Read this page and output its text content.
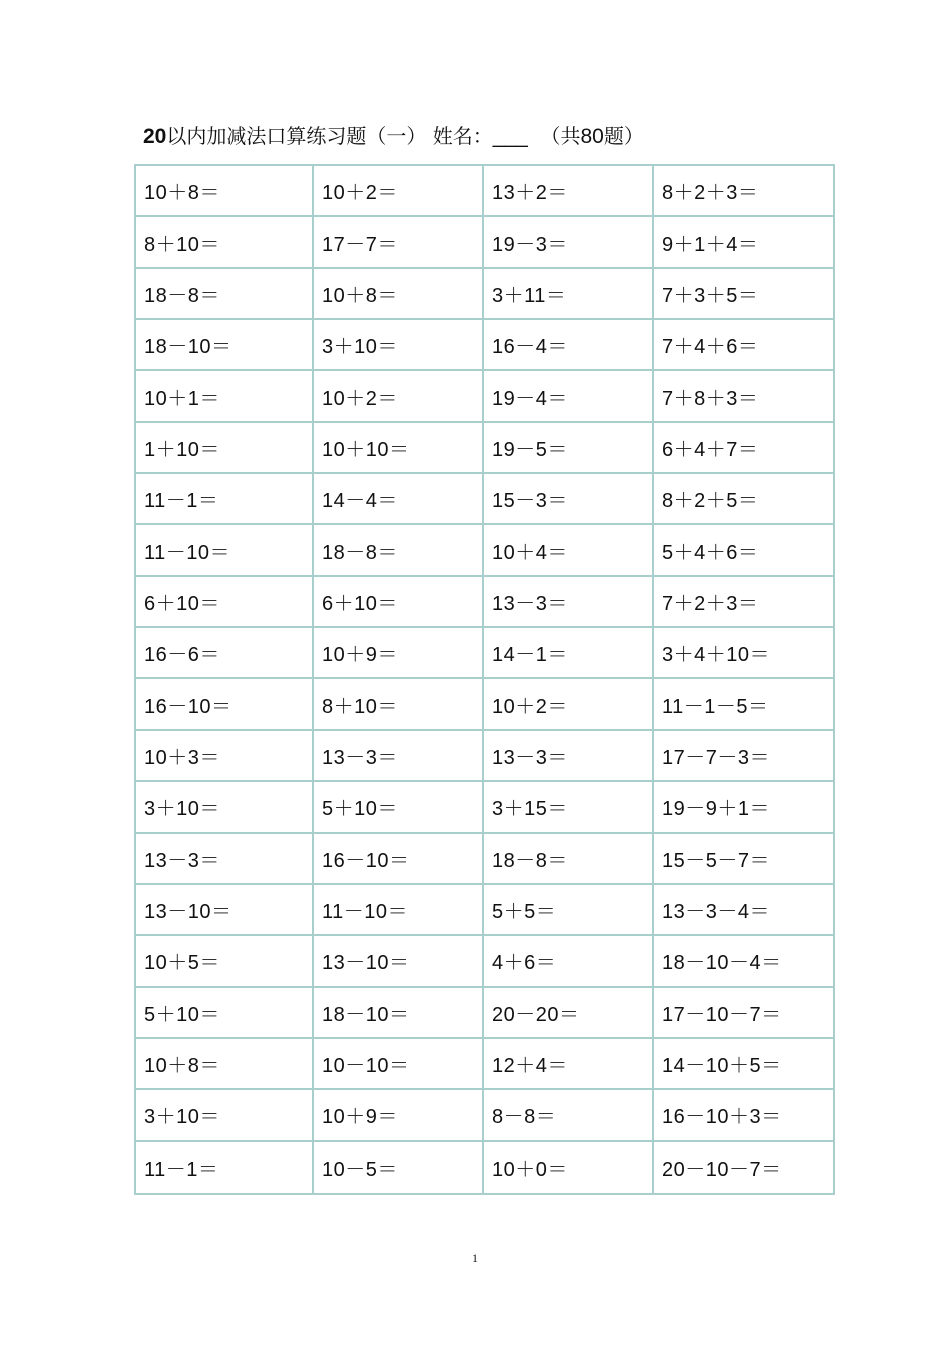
20以内加减法口算练习题（一） 姓名：___  （共80题）
10＋8＝	10＋2＝	13＋2＝	8＋2＋3＝
8＋10＝	17－7＝	19－3＝	9＋1＋4＝
18－8＝	10＋8＝	3＋11＝	7＋3＋5＝
18－10＝	3＋10＝	16－4＝	7＋4＋6＝
10＋1＝	10＋2＝	19－4＝	7＋8＋3＝
1＋10＝	10＋10＝	19－5＝	6＋4＋7＝
11－1＝	14－4＝	15－3＝	8＋2＋5＝
11－10＝	18－8＝	10＋4＝	5＋4＋6＝
6＋10＝	6＋10＝	13－3＝	7＋2＋3＝
16－6＝	10＋9＝	14－1＝	3＋4＋10＝
16－10＝	8＋10＝	10＋2＝	11－1－5＝
10＋3＝	13－3＝	13－3＝	17－7－3＝
3＋10＝	5＋10＝	3＋15＝	19－9＋1＝
13－3＝	16－10＝	18－8＝	15－5－7＝
13－10＝	11－10＝	5＋5＝	13－3－4＝
10＋5＝	13－10＝	4＋6＝	18－10－4＝
5＋10＝	18－10＝	20－20＝	17－10－7＝
10＋8＝	10－10＝	12＋4＝	14－10＋5＝
3＋10＝	10＋9＝	8－8＝	16－10＋3＝
11－1＝	10－5＝	10＋0＝	20－10－7＝
1
